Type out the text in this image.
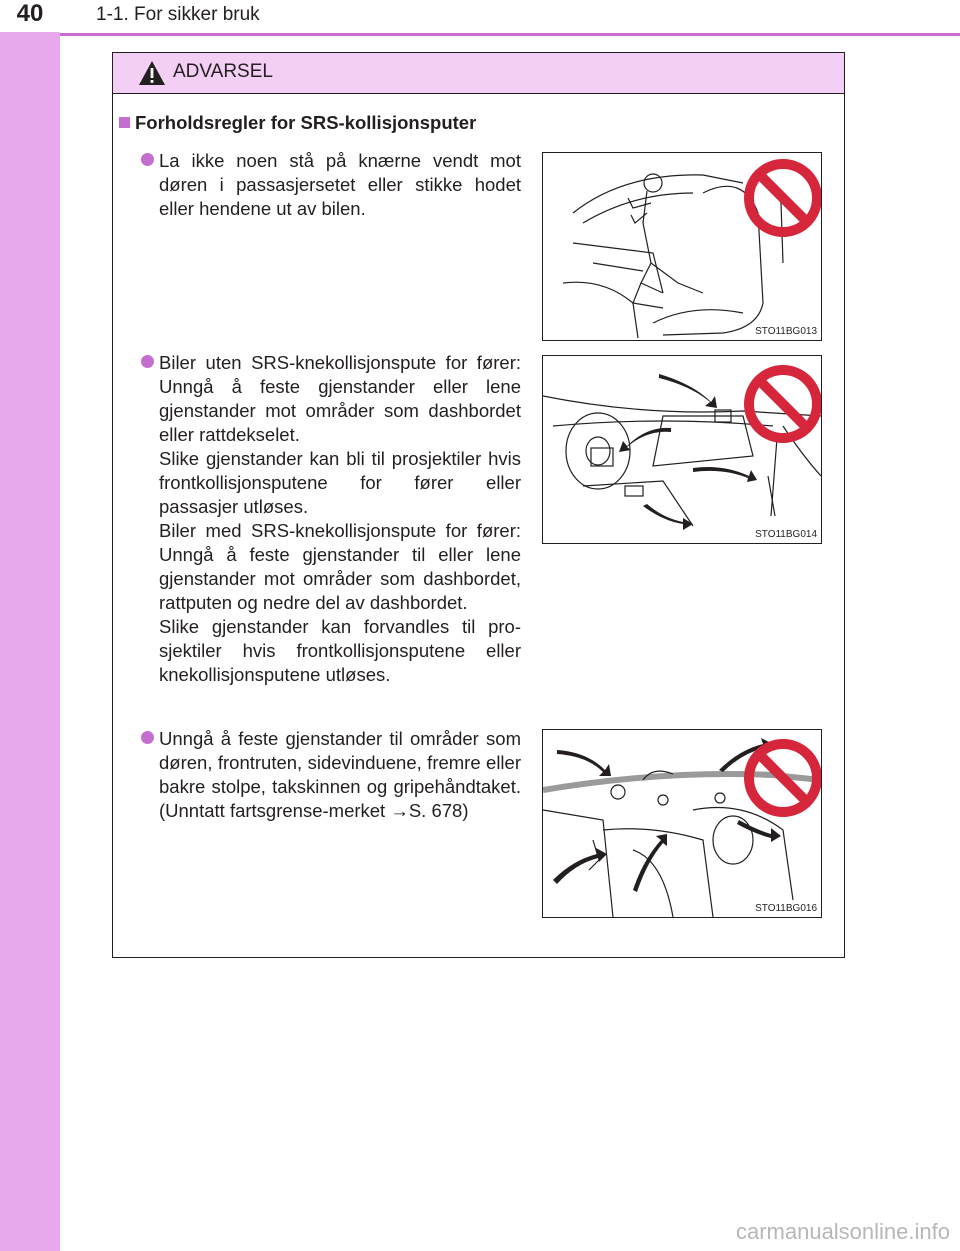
40	1-1. For sikker bruk
ADVARSEL
Forholdsregler for SRS-kollisjonsputer

La ikke noen stå på knærne vendt mot døren i passasjersetet eller stikke hodet eller hendene ut av bilen.

Biler uten SRS-knekollisjonspute for fører: Unngå å feste gjenstander eller lene gjenstander mot områder som dashbordet eller rattdekselet.

Slike gjenstander kan bli til prosjektiler hvis frontkollisjonsputene for fører eller passasjer utløses.

Biler med SRS-knekollisjonspute for fører: Unngå å feste gjenstander til eller lene gjenstander mot områder som dashbordet, rattputen og nedre del av dashbordet.

Slike gjenstander kan forvandles til pro-sjektiler hvis frontkollisjonsputene eller knekollisjonsputene utløses.

Unngå å feste gjenstander til områder som døren, frontruten, sidevinduene, fremre eller bakre stolpe, takskinnen og gripehåndtaket. (Unntatt fartsgrense-merket →S. 678)

STO11BG013
STO11BG014
STO11BG016
carmanualsonline.info
